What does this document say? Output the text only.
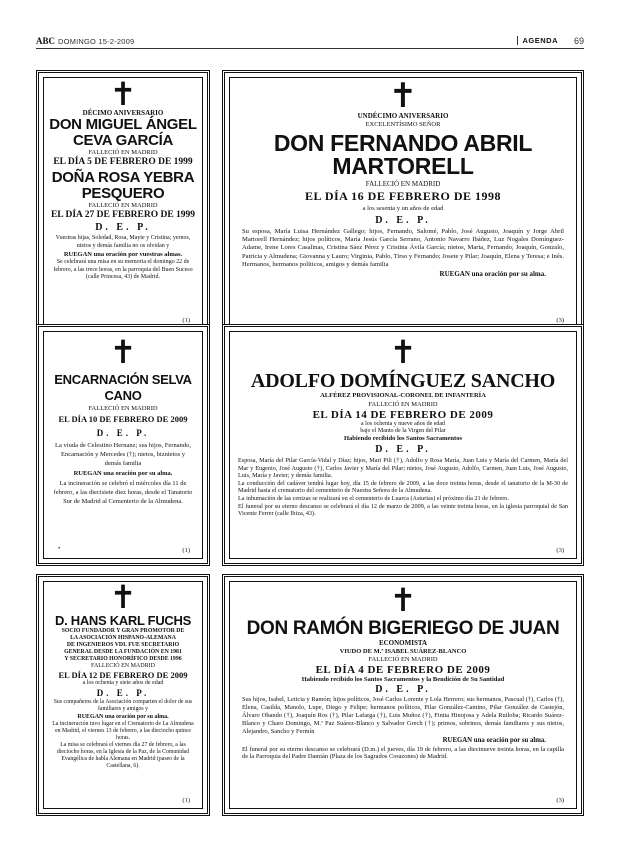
ABC DOMINGO 15-2-2009	AGENDA 69
✝

DÉCIMO ANIVERSARIO

DON MIGUEL ÁNGEL

CEVA GARCÍA

FALLECIÓ EN MADRID

EL DÍA 5 DE FEBRERO DE 1999

DOÑA ROSA YEBRA

PESQUERO

FALLECIÓ EN MADRID

EL DÍA 27 DE FEBRERO DE 1999

D. E. P.

Vuestras hijas, Soledad, Rosa, Mayte y Cristina; yernos, nietos y demás familia no os olvidan y

RUEGAN una oración por vuestras almas.

Se celebrará una misa en su memoria el domingo 22 de febrero, a las trece horas, en la parroquia del Buen Suceso (calle Princesa, 43) de Madrid.

(1)
✝

UNDÉCIMO ANIVERSARIO

EXCELENTÍSIMO SEÑOR

DON FERNANDO ABRIL

MARTORELL

FALLECIÓ EN MADRID

EL DÍA 16 DE FEBRERO DE 1998

a los sesenta y un años de edad

D. E. P.

Su esposa, María Luisa Hernández Gallego; hijos, Fernando, Salomé, Pablo, José Augusto, Joaquín y Jorge Abril Martorell Hernández; hijos políticos, María Jesús García Serrano, Antonio Navarro Ibáñez, Luz Nogales Domínguez-Adame, Irene Lores Casalinas, Cristina Sáez Pérez y Cristina Ávila García; nietos, Marta, Fernando, Joaquín, Gonzalo, Patricia y Almudena; Giovanna y Lauro; Virginia, Pablo, Tirso y Fernando; Josete y Pilar; Joaquín, Elena y Teresa; e Inés. Hermanos, hermanos políticos, amigos y demás familia

RUEGAN una oración por su alma.

(3)
✝

ENCARNACIÓN SELVA

CANO

FALLECIÓ EN MADRID

EL DÍA 10 DE FEBRERO DE 2009

D. E. P.

La viuda de Celestino Hernanz; sus hijos, Fernando, Encarnación y Mercedes (†); nietos, biznietos y demás familia

RUEGAN una oración por su alma.

La incineración se celebró el miércoles día 11 de febrero, a las diecisiete diez horas, desde el Tanatorio Sur de Madrid al Cementerio de la Almudena.

•	(1)
✝

ADOLFO DOMÍNGUEZ SANCHO

ALFÉREZ PROVISIONAL-CORONEL DE INFANTERÍA

FALLECIÓ EN MADRID

EL DÍA 14 DE FEBRERO DE 2009

a los ochenta y nueve años de edad

bajo el Manto de la Virgen del Pilar

Habiendo recibido los Santos Sacramentos

D. E. P.

Esposa, María del Pilar García-Vidal y Díaz; hijos, Mari Pili (†), Adolfo y Rosa María, Juan Luis y María del Carmen, María del Mar y Eugenio, José Augusto (†), Carlos Javier y María del Pilar; nietos, José Augusto, Adolfo, Carmen, Juan Luis, José Augusto, Luis, María y Javier; y demás familia.

La conducción del cadáver tendrá lugar hoy, día 15 de febrero de 2009, a las doce treinta horas, desde el tanatorio de la M-30 de Madrid hasta el crematorio del cementerio de Nuestra Señora de la Almudena.

La inhumación de las cenizas se realizará en el cementerio de Luarca (Asturias) el próximo día 21 de febrero.

El funeral por su eterno descanso se celebrará el día 12 de marzo de 2009, a las veinte treinta horas, en la iglesia parroquial de San Vicente Ferrer (calle Ibiza, 43).

(3)
✝

D. HANS KARL FUCHS

SOCIO FUNDADOR Y GRAN PROMOTOR DE

LA ASOCIACIÓN HISPANO-ALEMANA

DE INGENIEROS VDI. FUE SECRETARIO

GENERAL DESDE LA FUNDACIÓN EN 1981

Y SECRETARIO HONORÍFICO DESDE 1996

FALLECIÓ EN MADRID

EL DÍA 12 DE FEBRERO DE 2009

a los ochenta y siete años de edad

D. E. P.

Sus compañeros de la Asociación comparten el dolor de sus familiares y amigos y

RUEGAN una oración por su alma.

La incineración tuvo lugar en el Crematorio de La Almudena en Madrid, el viernes 13 de febrero, a las dieciocho quince horas.

La misa se celebrará el viernes día 27 de febrero, a las dieciocho horas, en la Iglesia de la Paz, de la Comunidad Evangélica de habla Alemana en Madrid (paseo de la Castellana, 6).

(1)
✝

DON RAMÓN BIGERIEGO DE JUAN

ECONOMISTA

VIUDO DE M.ª ISABEL SUÁREZ-BLANCO

FALLECIÓ EN MADRID

EL DÍA 4 DE FEBRERO DE 2009

Habiendo recibido los Santos Sacramentos y la Bendición de Su Santidad

D. E. P.

Sus hijos, Isabel, Leticia y Ramón; hijos políticos, José Carlos Lorente y Lola Herrero; sus hermanos, Pascual (†), Carlos (†), Elena, Casilda, Manolo, Lupe, Diego y Felipe; hermanos políticos, Pilar González-Camino, Pilar González de Castejón, Álvaro Obando (†), Joaquín Ros (†), Pilar Lafarga (†), Luis Muñoz (†), Finita Hinojosa y Adela Ruiloba; Ricardo Suárez-Blanco y Charo Domingo, M.ª Paz Suárez-Blanco y Salvador Grech (†); primos, sobrinos, demás familiares y sus nietos, Alejandro, Sancho y Fermín

RUEGAN una oración por su alma.

El funeral por su eterno descanso se celebrará (D.m.) el jueves, día 19 de febrero, a las diecinueve treinta horas, en la capilla de la Parroquia del Padre Damián (Plaza de los Sagrados Corazones) de Madrid.

(3)
